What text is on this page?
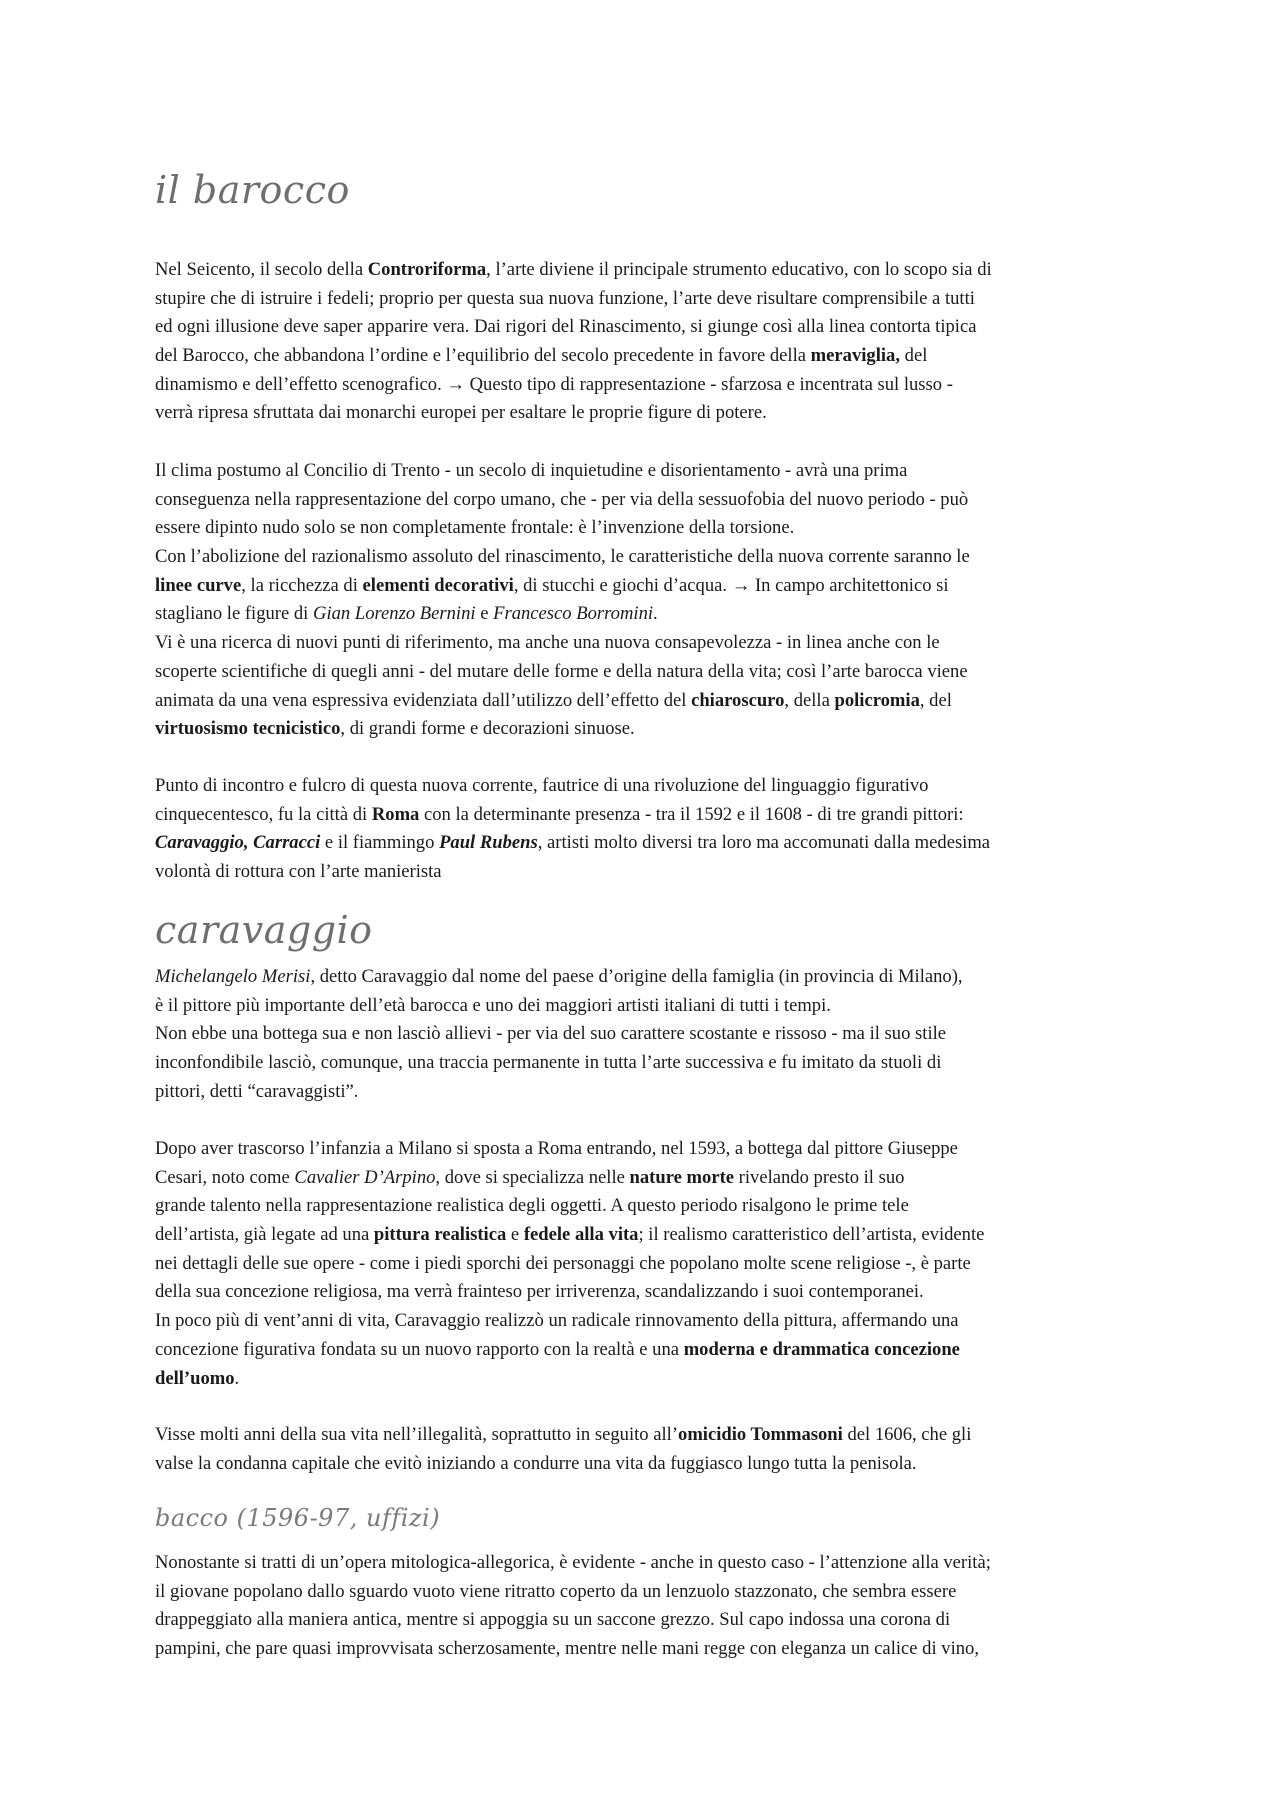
il barocco
Nel Seicento, il secolo della Controriforma, l’arte diviene il principale strumento educativo, con lo scopo sia di
stupire che di istruire i fedeli; proprio per questa sua nuova funzione, l’arte deve risultare comprensibile a tutti
ed ogni illusione deve saper apparire vera. Dai rigori del Rinascimento, si giunge così alla linea contorta tipica
del Barocco, che abbandona l’ordine e l’equilibrio del secolo precedente in favore della meraviglia, del
dinamismo e dell’effetto scenografico. → Questo tipo di rappresentazione - sfarzosa e incentrata sul lusso -
verrà ripresa sfruttata dai monarchi europei per esaltare le proprie figure di potere.
Il clima postumo al Concilio di Trento - un secolo di inquietudine e disorientamento - avrà una prima
conseguenza nella rappresentazione del corpo umano, che - per via della sessuofobia del nuovo periodo - può
essere dipinto nudo solo se non completamente frontale: è l’invenzione della torsione.
Con l’abolizione del razionalismo assoluto del rinascimento, le caratteristiche della nuova corrente saranno le
linee curve, la ricchezza di elementi decorativi, di stucchi e giochi d’acqua. → In campo architettonico si
stagliano le figure di Gian Lorenzo Bernini e Francesco Borromini.
Vi è una ricerca di nuovi punti di riferimento, ma anche una nuova consapevolezza - in linea anche con le
scoperte scientifiche di quegli anni - del mutare delle forme e della natura della vita; così l’arte barocca viene
animata da una vena espressiva evidenziata dall’utilizzo dell’effetto del chiaroscuro, della policromia, del
virtuosismo tecnicistico, di grandi forme e decorazioni sinuose.
Punto di incontro e fulcro di questa nuova corrente, fautrice di una rivoluzione del linguaggio figurativo
cinquecentesco, fu la città di Roma con la determinante presenza - tra il 1592 e il 1608 - di tre grandi pittori:
Caravaggio, Carracci e il fiammingo Paul Rubens, artisti molto diversi tra loro ma accomunati dalla medesima
volontà di rottura con l’arte manierista
caravaggio
Michelangelo Merisi, detto Caravaggio dal nome del paese d’origine della famiglia (in provincia di Milano),
è il pittore più importante dell’età barocca e uno dei maggiori artisti italiani di tutti i tempi.
Non ebbe una bottega sua e non lasciò allievi - per via del suo carattere scostante e rissoso - ma il suo stile
inconfondibile lasciò, comunque, una traccia permanente in tutta l’arte successiva e fu imitato da stuoli di
pittori, detti “caravaggisti”.
Dopo aver trascorso l’infanzia a Milano si sposta a Roma entrando, nel 1593, a bottega dal pittore Giuseppe
Cesari, noto come Cavalier D’Arpino, dove si specializza nelle nature morte rivelando presto il suo
grande talento nella rappresentazione realistica degli oggetti. A questo periodo risalgono le prime tele
dell’artista, già legate ad una pittura realistica e fedele alla vita; il realismo caratteristico dell’artista, evidente
nei dettagli delle sue opere - come i piedi sporchi dei personaggi che popolano molte scene religiose -, è parte
della sua concezione religiosa, ma verrà frainteso per irriverenza, scandalizzando i suoi contemporanei.
In poco più di vent’anni di vita, Caravaggio realizzò un radicale rinnovamento della pittura, affermando una
concezione figurativa fondata su un nuovo rapporto con la realtà e una moderna e drammatica concezione
dell’uomo.
Visse molti anni della sua vita nell’illegalità, soprattutto in seguito all’omicidio Tommasoni del 1606, che gli
valse la condanna capitale che evitò iniziando a condurre una vita da fuggiasco lungo tutta la penisola.
bacco (1596-97, uffizi)
Nonostante si tratti di un’opera mitologica-allegorica, è evidente - anche in questo caso - l’attenzione alla verità;
il giovane popolano dallo sguardo vuoto viene ritratto coperto da un lenzuolo stazzonato, che sembra essere
drappeggiato alla maniera antica, mentre si appoggia su un saccone grezzo. Sul capo indossa una corona di
pampini, che pare quasi improvvisata scherzosamente, mentre nelle mani regge con eleganza un calice di vino,
